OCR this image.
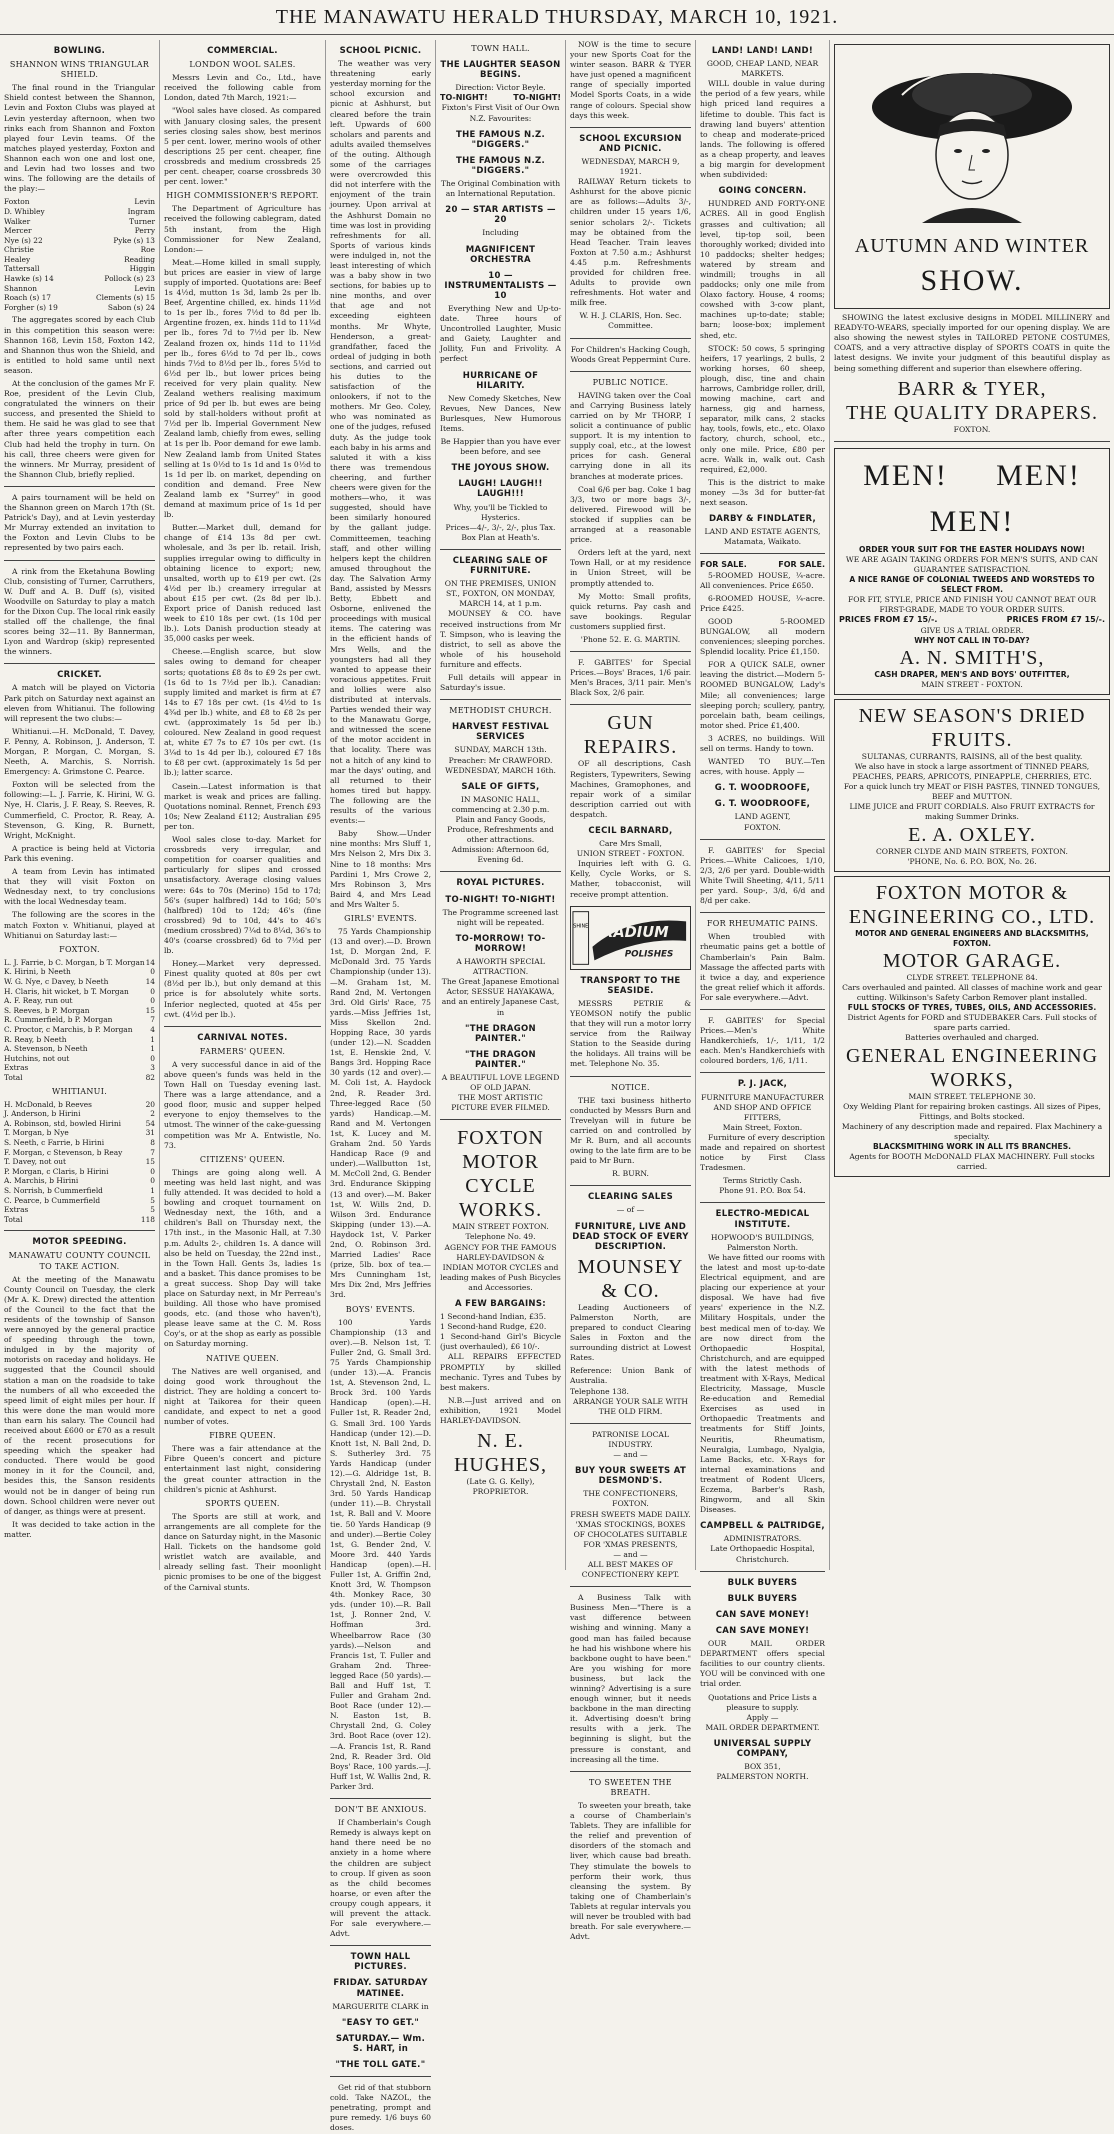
THE MANAWATU HERALD THURSDAY, MARCH 10, 1921.
BOWLING.
SHANNON WINS TRIANGULAR SHIELD.

The final round in the Triangular Shield contest between the Shannon, Levin and Foxton Clubs was played at Levin yesterday afternoon, when two rinks each from Shannon and Foxton played four Levin teams. Of the matches played yesterday, Foxton and Shannon each won one and lost one, and Levin had two losses and two wins. The following are the details of the play:—

Foxton	Levin
D. Whibley	Ingram
Walker	Turner
Mercer	Perry
Nye (s) 22	Pyke (s) 13
Christie	Roe
Healey	Reading
Tattersall	Higgin
Hawke (s) 14	Pollock (s) 23
Shannon	Levin
Roach (s) 17	Clements (s) 15
Forgher (s) 19	Sabon (s) 24

The aggregates scored by each Club in this competition this season were: Shannon 168, Levin 158, Foxton 142, and Shannon thus won the Shield, and is entitled to hold same until next season.

At the conclusion of the games Mr F. Roe, president of the Levin Club, congratulated the winners on their success, and presented the Shield to them. He said he was glad to see that after three years competition each Club had held the trophy in turn. On his call, three cheers were given for the winners. Mr Murray, president of the Shannon Club, briefly replied.

A pairs tournament will be held on the Shannon green on March 17th (St. Patrick's Day), and at Levin yesterday Mr Murray extended an invitation to the Foxton and Levin Clubs to be represented by two pairs each.

A rink from the Eketahuna Bowling Club, consisting of Turner, Carruthers, W. Duff and A. B. Duff (s), visited Woodville on Saturday to play a match for the Dixon Cup. The local rink easily stalled off the challenge, the final scores being 32—11. By Bannerman, Lyon and Wardrop (skip) represented the winners.

CRICKET.

A match will be played on Victoria Park pitch on Saturday next against an eleven from Whitianui. The following will represent the two clubs:—

Whitianui.—H. McDonald, T. Davey, F. Penny, A. Robinson, J. Anderson, T. Morgan, P. Morgan, C. Morgan, S. Neeth, A. Marchis, S. Norrish. Emergency: A. Grimstone C. Pearce.

Foxton will be selected from the following:—L. J. Farrie, K. Hirini, W. G. Nye, H. Claris, J. F. Reay, S. Reeves, R. Cummerfield, C. Proctor, R. Reay, A. Stevenson, G. King, R. Burnett, Wright, McKnight.

A practice is being held at Victoria Park this evening.

A team from Levin has intimated that they will visit Foxton on Wednesday next, to try conclusions with the local Wednesday team.

The following are the scores in the match Foxton v. Whitianui, played at Whitianui on Saturday last:—

FOXTON.
L. J. Farrie, b C. Morgan, b T. Morgan 14
K. Hirini, b Neeth	0
W. G. Nye, c Davey, b Neeth	14
H. Claris, hit wicket, b T. Morgan	0
A. F. Reay, run out	0
S. Reeves, b P. Morgan	15
R. Cummerfield, b P. Morgan	7
C. Proctor, c Marchis, b P. Morgan 4
R. Reay, b Neeth	1
A. Stevenson, b Neeth	1
Hutchins, not out	0
Extras	3
Total	82
WHITIANUI.
H. McDonald, b Reeves	20
J. Anderson, b Hirini	2
A. Robinson, std, bowled Hirini	54
T. Morgan, b Nye	31
S. Neeth, c Farrie, b Hirini	8
F. Morgan, c Stevenson, b Reay	7
T. Davey, not out	15
P. Morgan, c Claris, b Hirini	0
A. Marchis, b Hirini	0
S. Norrish, b Cummerfield	1
C. Pearce, b Cummerfield	5
Extras	5
Total	118
MOTOR SPEEDING.
MANAWATU COUNTY COUNCIL TO TAKE ACTION.

At the meeting of the Manawatu County Council on Tuesday, the clerk (Mr A. K. Drew) directed the attention of the Council to the fact that the residents of the township of Sanson were annoyed by the general practice of speeding through the town, indulged in by the majority of motorists on raceday and holidays. He suggested that the Council should station a man on the roadside to take the numbers of all who exceeded the speed limit of eight miles per hour. If this were done the man would more than earn his salary. The Council had received about £600 or £70 as a result of the recent prosecutions for speeding which the speaker had conducted. There would be good money in it for the Council, and, besides this, the Sanson residents would not be in danger of being run down. School children were never out of danger, as things were at present.

It was decided to take action in the matter.

COMMERCIAL.
LONDON WOOL SALES.

Messrs Levin and Co., Ltd., have received the following cable from London, dated 7th March, 1921:—

"Wool sales have closed. As compared with January closing sales, the present series closing sales show, best merinos 5 per cent. lower, merino wools of other descriptions 25 per cent. cheaper, fine crossbreds and medium crossbreds 25 per cent. cheaper, coarse crossbreds 30 per cent. lower."

HIGH COMMISSIONER'S REPORT.

The Department of Agriculture has received the following cablegram, dated 5th instant, from the High Commissioner for New Zealand, London:—

Meat.—Home killed in small supply, but prices are easier in view of large supply of imported. Quotations are: Beef 1s 4½d, mutton 1s 3d, lamb 2s per lb. Beef, Argentine chilled, ex. hinds 11½d to 1s per lb., fores 7½d to 8d per lb. Argentine frozen, ex. hinds 11d to 11¼d per lb., fores 7d to 7½d per lb. New Zealand frozen ox, hinds 11d to 11½d per lb., fores 6½d to 7d per lb., cows hinds 7½d to 8½d per lb., fores 5½d to 6½d per lb., but lower prices being received for very plain quality. New Zealand wethers realising maximum price of 9d per lb. but ewes are being sold by stall-holders without profit at 7½d per lb. Imperial Government New Zealand lamb, chiefly from ewes, selling at 1s per lb. Poor demand for ewe lamb. New Zealand lamb from United States selling at 1s 0½d to 1s 1d and 1s 0½d to 1s 1d per lb. on market, depending on condition and demand. Free New Zealand lamb ex "Surrey" in good demand at maximum price of 1s 1d per lb.

Butter.—Market dull, demand for change of £14 13s 8d per cwt. wholesale, and 3s per lb. retail. Irish, supplies irregular owing to difficulty in obtaining licence to export; new, unsalted, worth up to £19 per cwt. (2s 4½d per lb.) creamery irregular at about £15 per cwt. (2s 8d per lb.). Export price of Danish reduced last week to £10 18s per cwt. (1s 10d per lb.). Lots Danish production steady at 35,000 casks per week.

Cheese.—English scarce, but slow sales owing to demand for cheaper sorts; quotations £8 8s to £9 2s per cwt. (1s 6d to 1s 7½d per lb.). Canadian: supply limited and market is firm at £7 14s to £7 18s per cwt. (1s 4½d to 1s 4¾d per lb.) white, and £8 to £8 2s per cwt. (approximately 1s 5d per lb.) coloured. New Zealand in good request at, white £7 7s to £7 10s per cwt. (1s 3¼d to 1s 4d per lb.), coloured £7 18s to £8 per cwt. (approximately 1s 5d per lb.); latter scarce.

Casein.—Latest information is that market is weak and prices are falling. Quotations nominal. Rennet, French £93 10s; New Zealand £112; Australian £95 per ton.

Wool sales close to-day. Market for crossbreds very irregular, and competition for coarser qualities and particularly for slipes and crossed unsatisfactory. Average closing values were: 64s to 70s (Merino) 15d to 17d; 56's (super halfbred) 14d to 16d; 50's (halfbred) 10d to 12d; 46's (fine crossbred) 9d to 10d, 44's to 46's (medium crossbred) 7¼d to 8¼d, 36's to 40's (coarse crossbred) 6d to 7½d per lb.

Honey.—Market very depressed. Finest quality quoted at 80s per cwt (8½d per lb.), but only demand at this price is for absolutely white sorts. Inferior neglected, quoted at 45s per cwt. (4½d per lb.).

CARNIVAL NOTES.
FARMERS' QUEEN.

A very successful dance in aid of the above queen's funds was held in the Town Hall on Tuesday evening last. There was a large attendance, and a good floor, music and supper helped everyone to enjoy themselves to the utmost. The winner of the cake-guessing competition was Mr A. Entwistle, No. 73.

CITIZENS' QUEEN.

Things are going along well. A meeting was held last night, and was fully attended. It was decided to hold a bowling and croquet tournament on Wednesday next, the 16th, and a children's Ball on Thursday next, the 17th inst., in the Masonic Hall, at 7.30 p.m. Adults 2-, children 1s. A dance will also be held on Tuesday, the 22nd inst., in the Town Hall. Gents 3s, ladies 1s and a basket. This dance promises to be a great success. Shop Day will take place on Saturday next, in Mr Perreau's building. All those who have promised goods, etc. (and those who haven't), please leave same at the C. M. Ross Coy's, or at the shop as early as possible on Saturday morning.

NATIVE QUEEN.

The Natives are well organised, and doing good work throughout the district. They are holding a concert to-night at Taikorea for their queen candidate, and expect to net a good number of votes.

FIBRE QUEEN.

There was a fair attendance at the Fibre Queen's concert and picture entertainment last night, considering the great counter attraction in the children's picnic at Ashhurst.

SPORTS QUEEN.

The Sports are still at work, and arrangements are all complete for the dance on Saturday night, in the Masonic Hall. Tickets on the handsome gold wristlet watch are available, and already selling fast. Their moonlight picnic promises to be one of the biggest of the Carnival stunts.

SCHOOL PICNIC.

The weather was very threatening early yesterday morning for the school excursion and picnic at Ashhurst, but cleared before the train left. Upwards of 600 scholars and parents and adults availed themselves of the outing. Although some of the carriages were overcrowded this did not interfere with the enjoyment of the train journey. Upon arrival at the Ashhurst Domain no time was lost in providing refreshments for all. Sports of various kinds were indulged in, not the least interesting of which was a baby show in two sections, for babies up to nine months, and over that age and not exceeding eighteen months. Mr Whyte, Henderson, a great-grandfather, faced the ordeal of judging in both sections, and carried out his duties to the satisfaction of the onlookers, if not to the mothers. Mr Geo. Coley, who was nominated as one of the judges, refused duty. As the judge took each baby in his arms and saluted it with a kiss there was tremendous cheering, and further cheers were given for the mothers—who, it was suggested, should have been similarly honoured by the gallant judge. Committeemen, teaching staff, and other willing helpers kept the children amused throughout the day. The Salvation Army Band, assisted by Messrs Betty, Ebbett and Osborne, enlivened the proceedings with musical items. The catering was in the efficient hands of Mrs Wells, and the youngsters had all they wanted to appease their voracious appetites. Fruit and lollies were also distributed at intervals. Parties wended their way to the Manawatu Gorge, and witnessed the scene of the motor accident in that locality. There was not a hitch of any kind to mar the days' outing, and all returned to their homes tired but happy. The following are the results of the various events:—

Baby Show.—Under nine months: Mrs Sluff 1, Mrs Nelson 2, Mrs Dix 3. Nine to 18 months: Mrs Pardini 1, Mrs Crowe 2, Mrs Robinson 3, Mrs Baird 4, and Mrs Lead and Mrs Walter 5.

GIRLS' EVENTS.

75 Yards Championship (13 and over).—D. Brown 1st, D. Morgan 2nd, F. McDonald 3rd. 75 Yards Championship (under 13).—M. Graham 1st, M. Rand 2nd, M. Vertongen 3rd. Old Girls' Race, 75 yards.—Miss Jeffries 1st, Miss Skellon 2nd. Hopping Race, 30 yards (under 12).—N. Scadden 1st, E. Henskie 2nd, V. Bangs 3rd. Hopping Race 30 yards (12 and over).—M. Coli 1st, A. Haydock 2nd, R. Reader 3rd. Three-legged Race (50 yards) Handicap.—M. Rand and M. Vertongen 1st, K. Lucey and M. Graham 2nd. 50 Yards Handicap Race (9 and under).—Wallbutton 1st, M. McColl 2nd, G. Bender 3rd. Endurance Skipping (13 and over).—M. Baker 1st, W. Wills 2nd, D. Wilson 3rd. Endurance Skipping (under 13).—A. Haydock 1st, V. Parker 2nd, O. Robinson 3rd. Married Ladies' Race (prize, 5lb. box of tea.—Mrs Cunningham 1st, Mrs Dix 2nd, Mrs Jeffries 3rd.

BOYS' EVENTS.

100 Yards Championship (13 and over).—B. Nelson 1st, T. Fuller 2nd, G. Small 3rd. 75 Yards Championship (under 13).—A. Francis 1st, A. Stevenson 2nd, L. Brock 3rd. 100 Yards Handicap (open).—H. Fuller 1st, R. Reader 2nd, G. Small 3rd. 100 Yards Handicap (under 12).—D. Knott 1st, N. Ball 2nd, D. S. Sutherley 3rd. 75 Yards Handicap (under 12).—G. Aldridge 1st, B. Chrystall 2nd, N. Easton 3rd. 50 Yards Handicap (under 11).—B. Chrystall 1st, R. Ball and V. Moore tie. 50 Yards Handicap (9 and under).—Bertie Coley 1st, G. Bender 2nd, V. Moore 3rd. 440 Yards Handicap (open).—H. Fuller 1st, A. Griffin 2nd, Knott 3rd, W. Thompson 4th. Monkey Race, 30 yds. (under 10).—R. Ball 1st, J. Ronner 2nd, V. Hoffman 3rd. Wheelbarrow Race (30 yards).—Nelson and Francis 1st, T. Fuller and Graham 2nd. Three-legged Race (50 yards).—Ball and Huff 1st, T. Fuller and Graham 2nd. Boot Race (under 12).—N. Easton 1st, B. Chrystall 2nd, G. Coley 3rd. Boot Race (over 12).—A. Francis 1st, R. Rand 2nd, R. Reader 3rd. Old Boys' Race, 100 yards.—J. Huff 1st, W. Wallis 2nd, R. Parker 3rd.

DON'T BE ANXIOUS.

If Chamberlain's Cough Remedy is always kept on hand there need be no anxiety in a home where the children are subject to croup. If given as soon as the child becomes hoarse, or even after the croupy cough appears, it will prevent the attack. For sale everywhere.—Advt.

TOWN HALL PICTURES.
FRIDAY. SATURDAY MATINEE.
MARGUERITE CLARK in
"EASY TO GET."
SATURDAY.— Wm. S. HART, in
"THE TOLL GATE."

Get rid of that stubborn cold. Take NAZOL, the penetrating, prompt and pure remedy. 1/6 buys 60 doses.

TOWN HALL.
THE LAUGHTER SEASON BEGINS.
Direction: Victor Beyle.
TO-NIGHT!	TO-NIGHT!
Fixton's First Visit of Our Own N.Z. Favourites:
THE FAMOUS N.Z. "DIGGERS."
THE FAMOUS N.Z. "DIGGERS."
The Original Combination with an International Reputation.
20 — STAR ARTISTS — 20
Including
MAGNIFICENT ORCHESTRA
10 — INSTRUMENTALISTS — 10

Everything New and Up-to-date. Three hours of Uncontrolled Laughter, Music and Gaiety, Laughter and Jollity, Fun and Frivolity. A perfect

HURRICANE OF HILARITY.

New Comedy Sketches, New Revues, New Dances, New Burlesques, New Humorous Items.

Be Happier than you have ever been before, and see
THE JOYOUS SHOW.
LAUGH! LAUGH!! LAUGH!!!
Why, you'll be Tickled to Hysterics.
Prices—4/-, 3/-, 2/-, plus Tax. Box Plan at Heath's.
CLEARING SALE OF FURNITURE.
ON THE PREMISES, UNION ST., FOXTON, ON MONDAY, MARCH 14, at 1 p.m.

MOUNSEY & CO. have received instructions from Mr T. Simpson, who is leaving the district, to sell as above the whole of his household furniture and effects.

Full details will appear in Saturday's issue.

METHODIST CHURCH.
HARVEST FESTIVAL SERVICES
SUNDAY, MARCH 13th.
Preacher: Mr CRAWFORD.
WEDNESDAY, MARCH 16th.
SALE OF GIFTS,
IN MASONIC HALL, commencing at 2.30 p.m.
Plain and Fancy Goods, Produce, Refreshments and other attractions.
Admission: Afternoon 6d, Evening 6d.
ROYAL PICTURES.
TO-NIGHT! TO-NIGHT!
The Programme screened last night will be repeated.
TO-MORROW! TO-MORROW!
A HAWORTH SPECIAL ATTRACTION.
The Great Japanese Emotional Actor, SESSUE HAYAKAWA, and an entirely Japanese Cast, in
"THE DRAGON PAINTER."
"THE DRAGON PAINTER."
A BEAUTIFUL LOVE LEGEND OF OLD JAPAN.
THE MOST ARTISTIC PICTURE EVER FILMED.
FOXTON MOTOR CYCLE WORKS.
MAIN STREET FOXTON. Telephone No. 49.
AGENCY FOR THE FAMOUS HARLEY-DAVIDSON & INDIAN MOTOR CYCLES and leading makes of Push Bicycles and Accessories.
A FEW BARGAINS:
1 Second-hand Indian, £35.
1 Second-hand Rudge, £20.
1 Second-hand Girl's Bicycle (just overhauled), £6 10/-.

ALL REPAIRS EFFECTED PROMPTLY by skilled mechanic. Tyres and Tubes by best makers.

N.B.—Just arrived and on exhibition, 1921 Model HARLEY-DAVIDSON.

N. E. HUGHES,
(Late G. G. Kelly),
PROPRIETOR.

NOW is the time to secure your new Sports Coat for the winter season. BARR & TYER have just opened a magnificent range of specially imported Model Sports Coats, in a wide range of colours. Special show days this week.

SCHOOL EXCURSION AND PICNIC.
WEDNESDAY, MARCH 9, 1921.

RAILWAY Return tickets to Ashhurst for the above picnic are as follows:—Adults 3/-, children under 15 years 1/6, senior scholars 2/-. Tickets may be obtained from the Head Teacher. Train leaves Foxton at 7.50 a.m.; Ashhurst 4.45 p.m. Refreshments provided for children free. Adults to provide own refreshments. Hot water and milk free.

W. H. J. CLARIS, Hon. Sec. Committee.
For Children's Hacking Cough, Woods Great Peppermint Cure.
PUBLIC NOTICE.

HAVING taken over the Coal and Carrying Business lately carried on by Mr THORP, I solicit a continuance of public support. It is my intention to supply coal, etc., at the lowest prices for cash. General carrying done in all its branches at moderate prices.

Coal 6/6 per bag. Coke 1 bag 3/3, two or more bags 3/-, delivered. Firewood will be stocked if supplies can be arranged at a reasonable price.

Orders left at the yard, next Town Hall, or at my residence in Union Street, will be promptly attended to.

My Motto: Small profits, quick returns. Pay cash and save bookings. Regular customers supplied first.

'Phone 52. E. G. MARTIN.

F. GABITES' for Special Prices.—Boys' Braces, 1/6 pair. Men's Braces, 3/11 pair. Men's Black Sox, 2/6 pair.

GUN REPAIRS.

OF all descriptions, Cash Registers, Typewriters, Sewing Machines, Gramophones, and repair work of a similar description carried out with despatch.

CECIL BARNARD,
Care Mrs Small,
UNION STREET - FOXTON.

Inquiries left with G. G. Kelly, Cycle Works, or S. Mather, tobacconist, will receive prompt attention.

SHINE RADIUM
POLISHES
TRANSPORT TO THE SEASIDE.

MESSRS PETRIE & YEOMSON notify the public that they will run a motor lorry service from the Railway Station to the Seaside during the holidays. All trains will be met. Telephone No. 35.

NOTICE.

THE taxi business hitherto conducted by Messrs Burn and Trevelyan will in future be carried on and controlled by Mr R. Burn, and all accounts owing to the late firm are to be paid to Mr Burn.

R. BURN.
CLEARING SALES
— of —
FURNITURE, LIVE AND DEAD STOCK OF EVERY DESCRIPTION.
MOUNSEY & CO.

Leading Auctioneers of Palmerston North, are prepared to conduct Clearing Sales in Foxton and the surrounding district at Lowest Rates.

Reference: Union Bank of Australia.
Telephone 138.
ARRANGE YOUR SALE WITH THE OLD FIRM.
PATRONISE LOCAL INDUSTRY.
— and —
BUY YOUR SWEETS AT DESMOND'S.
THE CONFECTIONERS, FOXTON.
FRESH SWEETS MADE DAILY. 'XMAS STOCKINGS, BOXES OF CHOCOLATES SUITABLE FOR 'XMAS PRESENTS,
— and —
ALL BEST MAKES OF CONFECTIONERY KEPT.

A Business Talk with Business Men—"There is a vast difference between wishing and winning. Many a good man has failed because he had his wishbone where his backbone ought to have been." Are you wishing for more business, but lack the winning? Advertising is a sure enough winner, but it needs backbone in the man directing it. Advertising doesn't bring results with a jerk. The beginning is slight, but the pressure is constant, and increasing all the time.

TO SWEETEN THE BREATH.

To sweeten your breath, take a course of Chamberlain's Tablets. They are infallible for the relief and prevention of disorders of the stomach and liver, which cause bad breath. They stimulate the bowels to perform their work, thus cleansing the system. By taking one of Chamberlain's Tablets at regular intervals you will never be troubled with bad breath. For sale everywhere.—Advt.

LAND! LAND! LAND!
GOOD, CHEAP LAND, NEAR MARKETS.

WILL double in value during the period of a few years, while high priced land requires a lifetime to double. This fact is drawing land buyers' attention to cheap and moderate-priced lands. The following is offered as a cheap property, and leaves a big margin for development when subdivided:

GOING CONCERN.

HUNDRED AND FORTY-ONE ACRES. All in good English grasses and cultivation; all level, tip-top soil, been thoroughly worked; divided into 10 paddocks; shelter hedges; watered by stream and windmill; troughs in all paddocks; only one mile from Olaxo factory. House, 4 rooms; cowshed with 3-cow plant, machines up-to-date; stable; barn; loose-box; implement shed, etc.

STOCK: 50 cows, 5 springing heifers, 17 yearlings, 2 bulls, 2 working horses, 60 sheep, plough, disc, tine and chain harrows, Cambridge roller, drill, mowing machine, cart and harness, gig and harness, separator, milk cans, 2 stacks hay, tools, fowls, etc., etc. Olaxo factory, church, school, etc., only one mile. Price, £80 per acre. Walk in, walk out. Cash required, £2,000.

This is the district to make money —3s 3d for butter-fat next season.

DARBY & FINDLATER,
LAND AND ESTATE AGENTS, Matamata, Waikato.
FOR SALE.	FOR SALE.

5-ROOMED HOUSE, ¼-acre. All conveniences. Price £650.

6-ROOMED HOUSE, ¼-acre. Price £425.

GOOD 5-ROOMED BUNGALOW, all modern conveniences; sleeping porches. Splendid locality. Price £1,150.

FOR A QUICK SALE, owner leaving the district.—Modern 5-ROOMED BUNGALOW, Lady's Mile; all conveniences; large sleeping porch; scullery, pantry, porcelain bath, beam ceilings, motor shed. Price £1,400.

3 ACRES, no buildings. Will sell on terms. Handy to town.

WANTED TO BUY.—Ten acres, with house. Apply —

G. T. WOODROOFE,
G. T. WOODROOFE,
LAND AGENT,
FOXTON.

F. GABITES' for Special Prices.—White Calicoes, 1/10, 2/3, 2/6 per yard. Double-width White Twill Sheeting, 4/11, 5/11 per yard. Soup-, 3/d, 6/d and 8/d per cake.

FOR RHEUMATIC PAINS.

When troubled with rheumatic pains get a bottle of Chamberlain's Pain Balm. Massage the affected parts with it twice a day, and experience the great relief which it affords. For sale everywhere.—Advt.

F. GABITES' for Special Prices.—Men's White Handkerchiefs, 1/-, 1/11, 1/2 each. Men's Handkerchiefs with coloured borders, 1/6, 1/11.

P. J. JACK,
FURNITURE MANUFACTURER AND SHOP AND OFFICE FITTERS,
Main Street, Foxton.

Furniture of every description made and repaired on shortest notice by First Class Tradesmen.

Terms Strictly Cash.
Phone 91. P.O. Box 54.
ELECTRO-MEDICAL INSTITUTE.
HOPWOOD'S BUILDINGS, Palmerston North.

We have fitted our rooms with the latest and most up-to-date Electrical equipment, and are placing our experience at your disposal. We have had five years' experience in the N.Z. Military Hospitals, under the best medical men of to-day. We are now direct from the Orthopaedic Hospital, Christchurch, and are equipped with the latest methods of treatment with X-Rays, Medical Electricity, Massage, Muscle Re-education and Remedial Exercises as used in Orthopaedic Treatments and treatments for Stiff Joints, Neuritis, Rheumatism, Neuralgia, Lumbago, Nyalgia, Lame Backs, etc. X-Rays for internal examinations and treatment of Rodent Ulcers, Eczema, Barber's Rash, Ringworm, and all Skin Diseases.

CAMPBELL & PALTRIDGE,
ADMINISTRATORS.
Late Orthopaedic Hospital, Christchurch.
BULK BUYERS
BULK BUYERS
CAN SAVE MONEY!
CAN SAVE MONEY!

OUR MAIL ORDER DEPARTMENT offers special facilities to our country clients. YOU will be convinced with one trial order.

Quotations and Price Lists a pleasure to supply.
Apply —
MAIL ORDER DEPARTMENT.
UNIVERSAL SUPPLY COMPANY,
BOX 351,
PALMERSTON NORTH.
AUTUMN AND WINTER
SHOW.

SHOWING the latest exclusive designs in MODEL MILLINERY and READY-TO-WEARS, specially imported for our opening display. We are also showing the newest styles in TAILORED PETONE COSTUMES, COATS, and a very attractive display of SPORTS COATS in quite the latest designs. We invite your judgment of this beautiful display as being something different and superior than elsewhere offering.

BARR & TYER,
THE QUALITY DRAPERS.
FOXTON.
MEN! MEN!
MEN!
ORDER YOUR SUIT FOR THE EASTER HOLIDAYS NOW!
WE ARE AGAIN TAKING ORDERS FOR MEN'S SUITS, AND CAN GUARANTEE SATISFACTION.
A NICE RANGE OF COLONIAL TWEEDS AND WORSTEDS TO SELECT FROM.
FOR FIT, STYLE, PRICE AND FINISH YOU CANNOT BEAT OUR FIRST-GRADE, MADE TO YOUR ORDER SUITS.
PRICES FROM £7 15/-.	PRICES FROM £7 15/-.
GIVE US A TRIAL ORDER.
WHY NOT CALL IN TO-DAY?
A. N. SMITH'S,
CASH DRAPER, MEN'S AND BOYS' OUTFITTER,
MAIN STREET - FOXTON.
NEW SEASON'S DRIED FRUITS.
SULTANAS, CURRANTS, RAISINS, all of the best quality.
We also have in stock a large assortment of TINNED PEARS, PEACHES, PEARS, APRICOTS, PINEAPPLE, CHERRIES, ETC.
For a quick lunch try MEAT or FISH PASTES, TINNED TONGUES, BEEF and MUTTON.
LIME JUICE and FRUIT CORDIALS. Also FRUIT EXTRACTS for making Summer Drinks.
E. A. OXLEY.
CORNER CLYDE AND MAIN STREETS, FOXTON.
'PHONE, No. 6. P.O. BOX, No. 26.
FOXTON MOTOR & ENGINEERING CO., LTD.
MOTOR AND GENERAL ENGINEERS AND BLACKSMITHS, FOXTON.
MOTOR GARAGE.
CLYDE STREET. TELEPHONE 84.
Cars overhauled and painted. All classes of machine work and gear cutting. Wilkinson's Safety Carbon Remover plant installed.
FULL STOCKS OF TYRES, TUBES, OILS, AND ACCESSORIES.
District Agents for FORD and STUDEBAKER Cars. Full stocks of spare parts carried.
Batteries overhauled and charged.
GENERAL ENGINEERING WORKS,
MAIN STREET. TELEPHONE 30.
Oxy Welding Plant for repairing broken castings. All sizes of Pipes, Fittings, and Bolts stocked.
Machinery of any description made and repaired. Flax Machinery a specialty.
BLACKSMITHING WORK IN ALL ITS BRANCHES.
Agents for BOOTH McDONALD FLAX MACHINERY. Full stocks carried.
